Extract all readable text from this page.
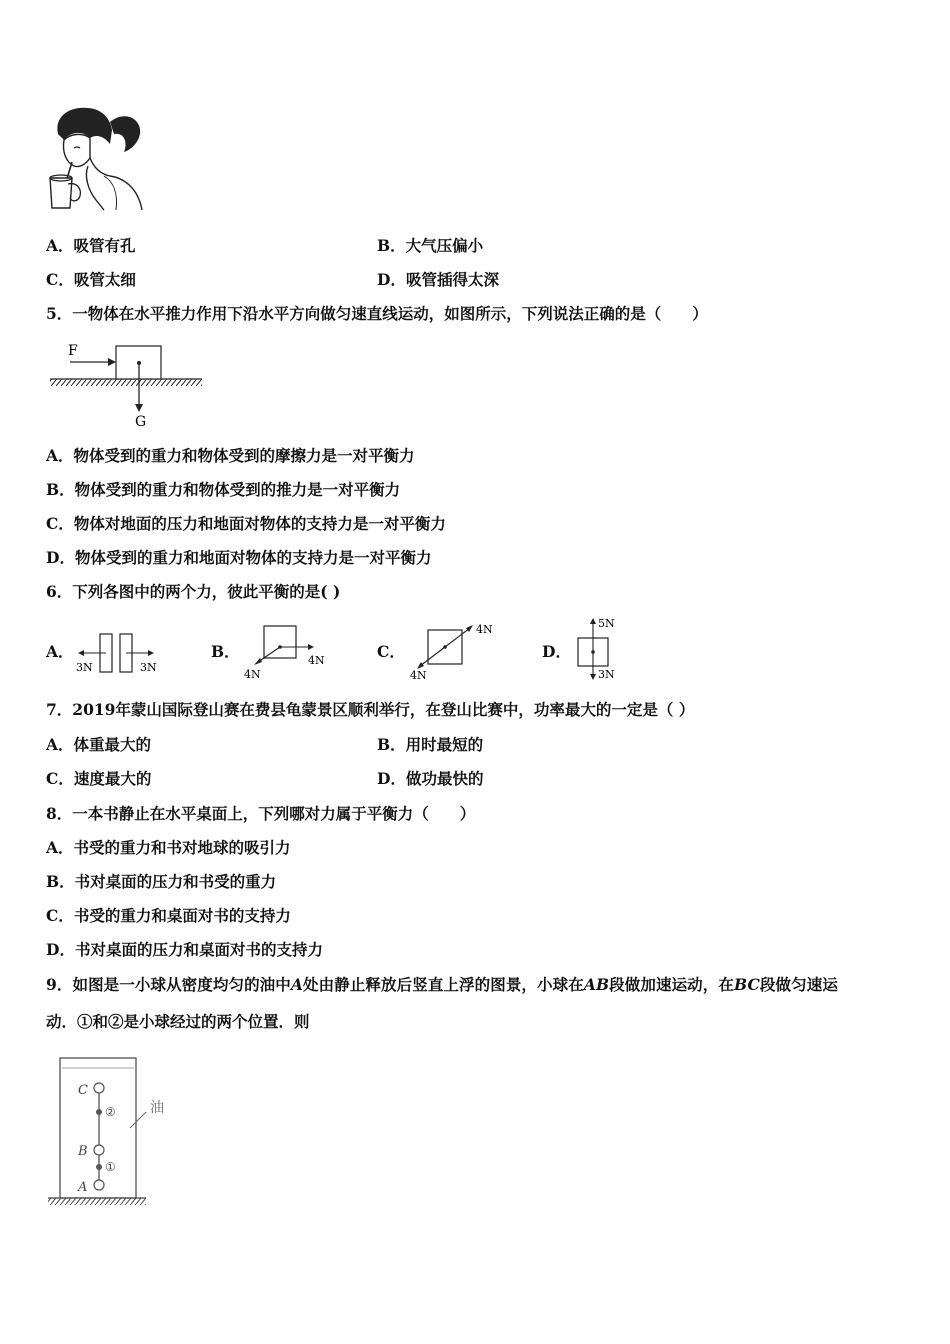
A．吸管有孔	B．大气压偏小
C．吸管太细	D．吸管插得太深
5．一物体在水平推力作用下沿水平方向做匀速直线运动，如图所示，下列说法正确的是（　　）
F
G
A．物体受到的重力和物体受到的摩擦力是一对平衡力
B．物体受到的重力和物体受到的推力是一对平衡力
C．物体对地面的压力和地面对物体的支持力是一对平衡力
D．物体受到的重力和地面对物体的支持力是一对平衡力
6．下列各图中的两个力，彼此平衡的是( )
A．
3N	3N
B．
4N
4N	C．
4N
4N
D．
5N
3N
7．2019年蒙山国际登山赛在费县龟蒙景区顺利举行，在登山比赛中，功率最大的一定是（ ）
A．体重最大的	B．用时最短的
C．速度最大的	D．做功最快的
8．一本书静止在水平桌面上，下列哪对力属于平衡力（　　）
A．书受的重力和书对地球的吸引力
B．书对桌面的压力和书受的重力
C．书受的重力和桌面对书的支持力
D．书对桌面的压力和桌面对书的支持力
9．如图是一小球从密度均匀的油中A处由静止释放后竖直上浮的图景，小球在AB段做加速运动，在BC段做匀速运
动．①和②是小球经过的两个位置．则
C
B
A
②
①
油
